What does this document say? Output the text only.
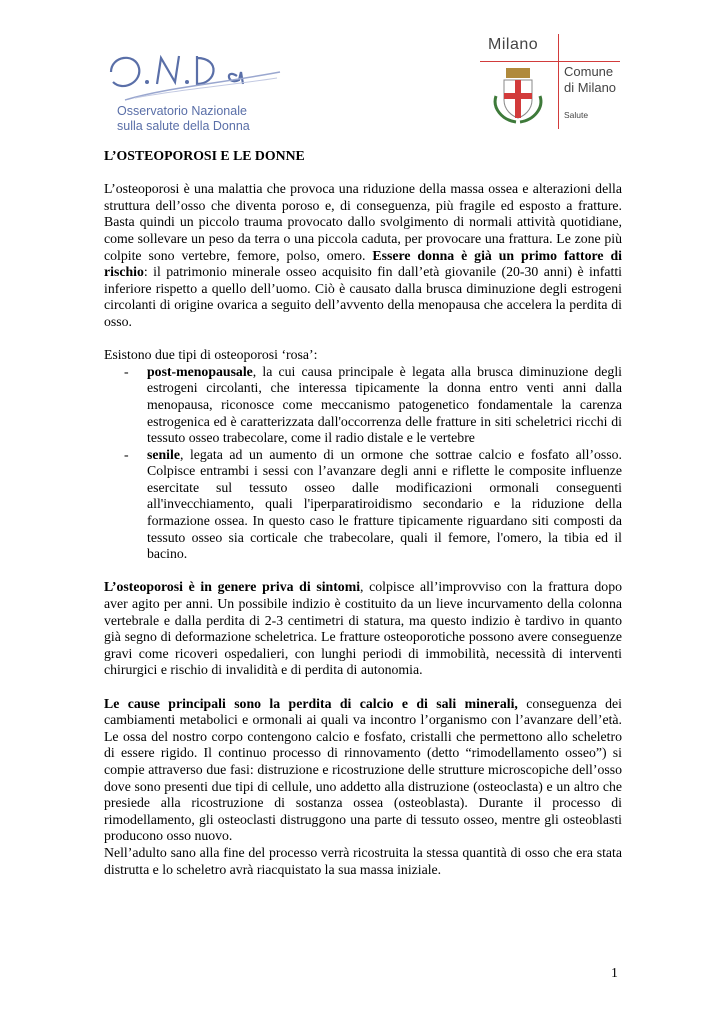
Osservatorio Nazionale
sulla salute della Donna
Milano
Comune
di Milano
Salute
L’OSTEOPOROSI E LE DONNE

L’osteoporosi è una malattia che provoca una riduzione della massa ossea e alterazioni della struttura dell’osso che diventa poroso e, di conseguenza, più fragile ed esposto a fratture. Basta quindi un piccolo trauma provocato dallo svolgimento di normali attività quotidiane, come sollevare un peso da terra o una piccola caduta, per provocare una frattura. Le zone più colpite sono vertebre, femore, polso, omero. Essere donna è già un primo fattore di rischio: il patrimonio minerale osseo acquisito fin dall’età giovanile (20-30 anni) è infatti inferiore rispetto a quello dell’uomo. Ciò è causato dalla brusca diminuzione degli estrogeni circolanti di origine ovarica a seguito dell’avvento della menopausa che accelera la perdita di osso.

Esistono due tipi di osteoporosi ‘rosa’:

- post-menopausale, la cui causa principale è legata alla brusca diminuzione degli estrogeni circolanti, che interessa tipicamente la donna entro venti anni dalla menopausa, riconosce come meccanismo patogenetico fondamentale la carenza estrogenica ed è caratterizzata dall'occorrenza delle fratture in siti scheletrici ricchi di tessuto osseo trabecolare, come il radio distale e le vertebre
- senile, legata ad un aumento di un ormone che sottrae calcio e fosfato all’osso. Colpisce entrambi i sessi con l’avanzare degli anni e riflette le composite influenze esercitate sul tessuto osseo dalle modificazioni ormonali conseguenti all'invecchiamento, quali l'iperparatiroidismo secondario e la riduzione della formazione ossea. In questo caso le fratture tipicamente riguardano siti composti da tessuto osseo sia corticale che trabecolare, quali il femore, l'omero, la tibia ed il bacino.

L’osteoporosi è in genere priva di sintomi, colpisce all’improvviso con la frattura dopo aver agito per anni. Un possibile indizio è costituito da un lieve incurvamento della colonna vertebrale e dalla perdita di 2-3 centimetri di statura, ma questo indizio è tardivo in quanto già segno di deformazione scheletrica. Le fratture osteoporotiche possono avere conseguenze gravi come ricoveri ospedalieri, con lunghi periodi di immobilità, necessità di interventi chirurgici e rischio di invalidità e di perdita di autonomia.

Le cause principali sono la perdita di calcio e di sali minerali, conseguenza dei cambiamenti metabolici e ormonali ai quali va incontro l’organismo con l’avanzare dell’età. Le ossa del nostro corpo contengono calcio e fosfato, cristalli che permettono allo scheletro di essere rigido. Il continuo processo di rinnovamento (detto “rimodellamento osseo”) si compie attraverso due fasi: distruzione e ricostruzione delle strutture microscopiche dell’osso dove sono presenti due tipi di cellule, uno addetto alla distruzione (osteoclasta) e un altro che presiede alla ricostruzione di sostanza ossea (osteoblasta). Durante il processo di rimodellamento, gli osteoclasti distruggono una parte di tessuto osseo, mentre gli osteoblasti producono osso nuovo.

Nell’adulto sano alla fine del processo verrà ricostruita la stessa quantità di osso che era stata distrutta e lo scheletro avrà riacquistato la sua massa iniziale.

1
